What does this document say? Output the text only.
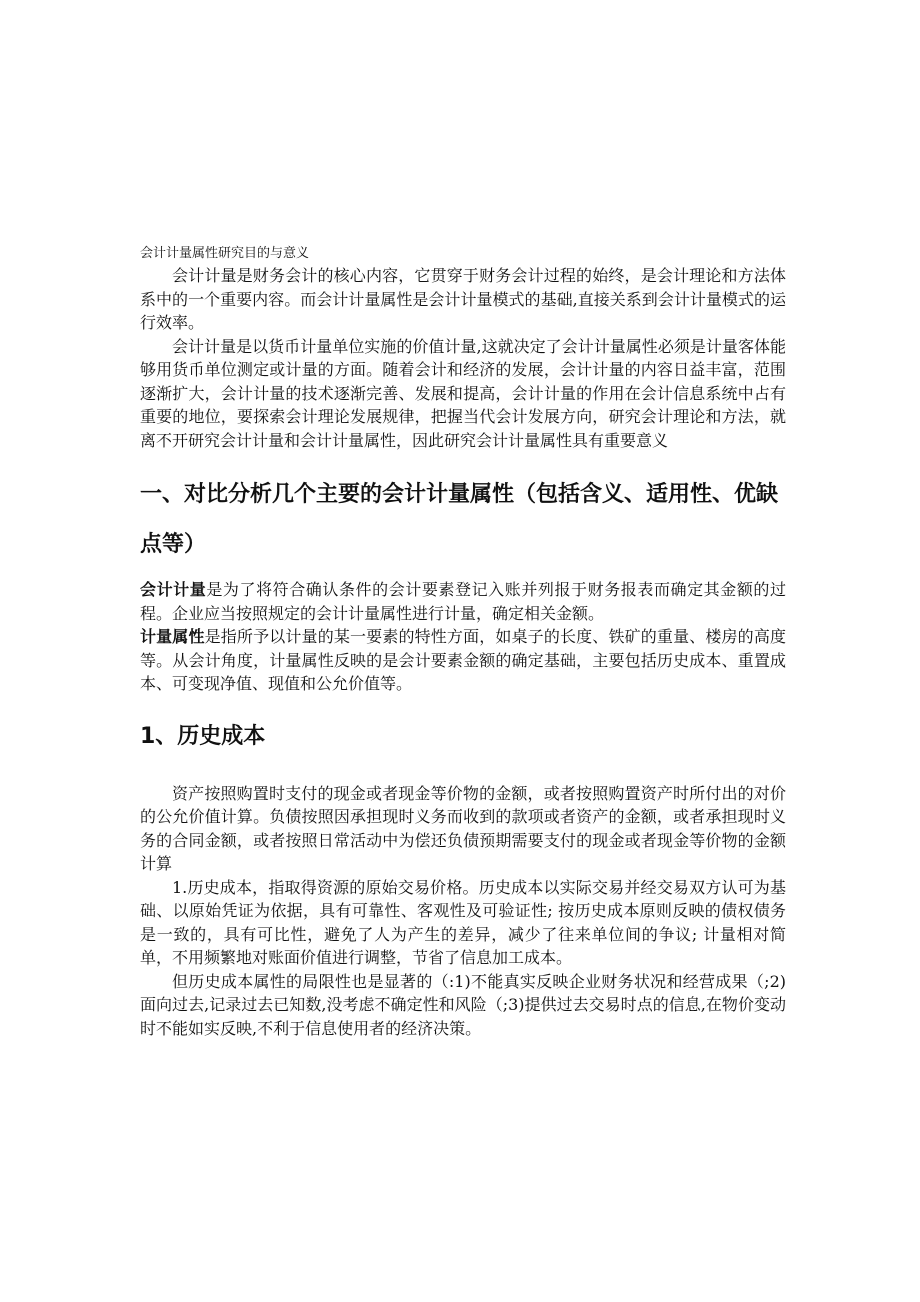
会计计量属性研究目的与意义

会计计量是财务会计的核心内容，它贯穿于财务会计过程的始终，是会计理论和方法体系中的一个重要内容。而会计计量属性是会计计量模式的基础,直接关系到会计计量模式的运行效率。

会计计量是以货币计量单位实施的价值计量,这就决定了会计计量属性必须是计量客体能够用货币单位测定或计量的方面。随着会计和经济的发展，会计计量的内容日益丰富，范围逐渐扩大，会计计量的技术逐渐完善、发展和提高，会计计量的作用在会计信息系统中占有重要的地位，要探索会计理论发展规律，把握当代会计发展方向，研究会计理论和方法，就离不开研究会计计量和会计计量属性，因此研究会计计量属性具有重要意义

一、对比分析几个主要的会计计量属性（包括含义、适用性、优缺点等）

会计计量是为了将符合确认条件的会计要素登记入账并列报于财务报表而确定其金额的过程。企业应当按照规定的会计计量属性进行计量，确定相关金额。

计量属性是指所予以计量的某一要素的特性方面，如桌子的长度、铁矿的重量、楼房的高度等。从会计角度，计量属性反映的是会计要素金额的确定基础，主要包括历史成本、重置成本、可变现净值、现值和公允价值等。

1、历史成本

资产按照购置时支付的现金或者现金等价物的金额，或者按照购置资产时所付出的对价的公允价值计算。负债按照因承担现时义务而收到的款项或者资产的金额，或者承担现时义务的合同金额，或者按照日常活动中为偿还负债预期需要支付的现金或者现金等价物的金额计算

1.历史成本，指取得资源的原始交易价格。历史成本以实际交易并经交易双方认可为基础、以原始凭证为依据，具有可靠性、客观性及可验证性; 按历史成本原则反映的债权债务是一致的，具有可比性，避免了人为产生的差异，减少了往来单位间的争议; 计量相对简单，不用频繁地对账面价值进行调整，节省了信息加工成本。

但历史成本属性的局限性也是显著的（:1)不能真实反映企业财务状况和经营成果（;2)面向过去,记录过去已知数,没考虑不确定性和风险（;3)提供过去交易时点的信息,在物价变动时不能如实反映,不利于信息使用者的经济决策。
